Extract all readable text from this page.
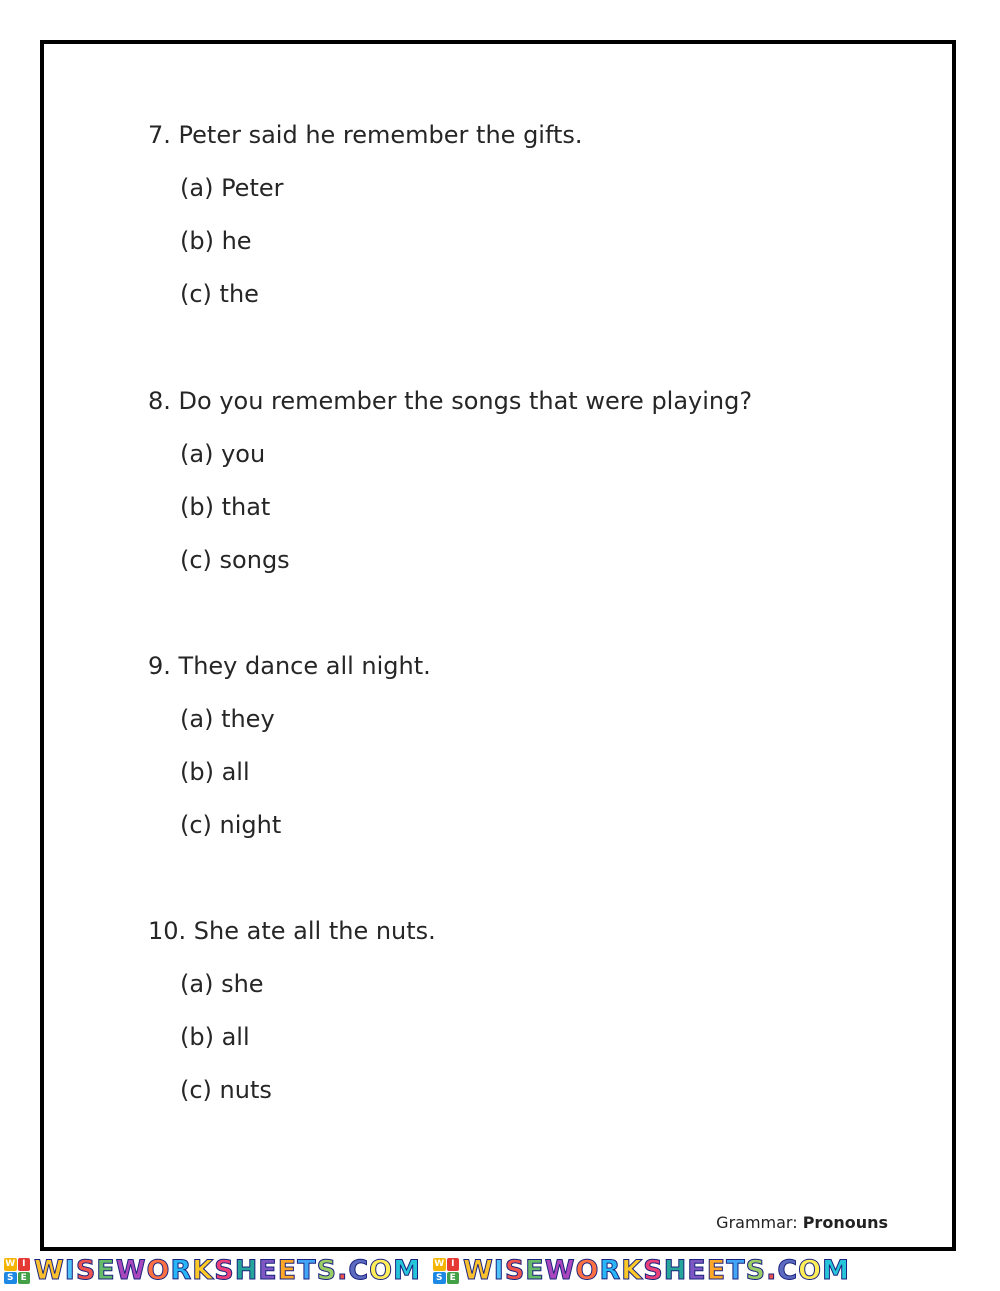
7. Peter said he remember the gifts.

(a) Peter

(b) he

(c) the

8. Do you remember the songs that were playing?

(a) you

(b) that

(c) songs

9. They dance all night.

(a) they

(b) all

(c) night

10. She ate all the nuts.

(a) she

(b) all

(c) nuts

Grammar: Pronouns
W I
S E WISEWORKSHEETS.COM W I
S E WISEWORKSHEETS.COM
